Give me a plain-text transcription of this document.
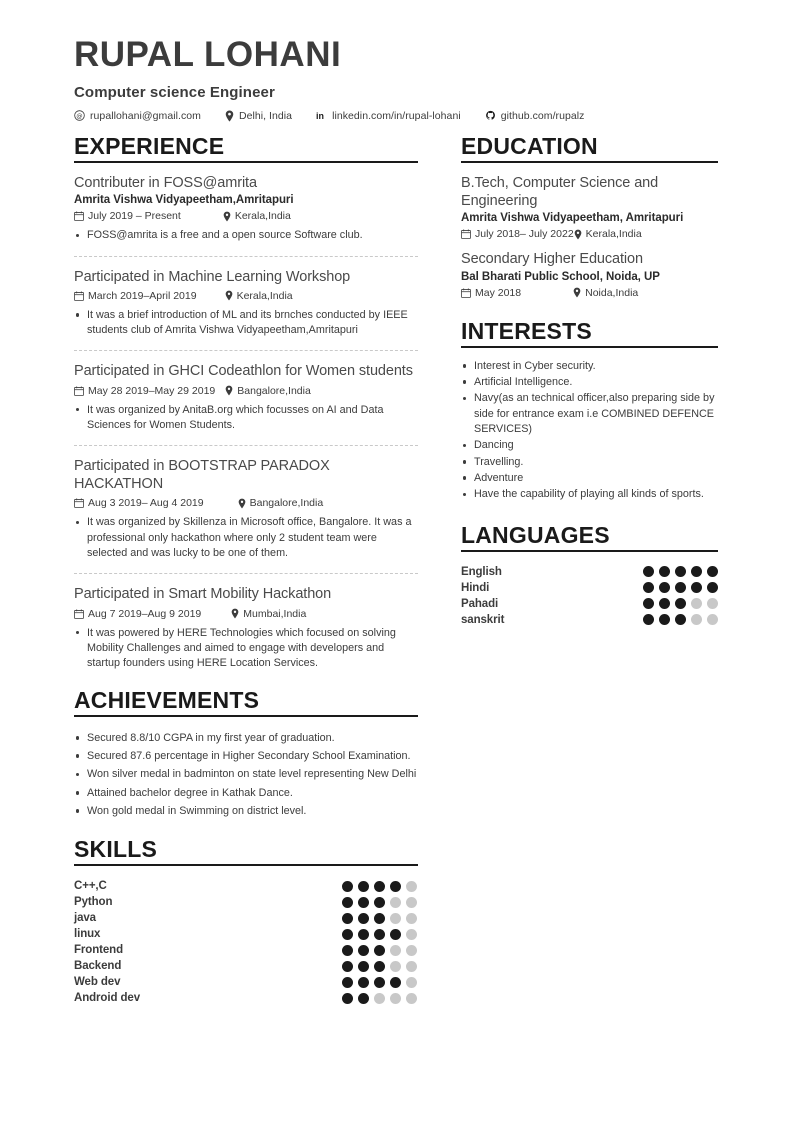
RUPAL LOHANI
Computer science Engineer
@ rupallohani@gmail.com	Delhi, India in linkedin.com/in/rupal-lohani	github.com/rupalz
EXPERIENCE
Contributer in FOSS@amrita
Amrita Vishwa Vidyapeetham,Amritapuri
July 2019 – Present	Kerala,India
FOSS@amrita is a free and a open source Software club.
Participated in Machine Learning Workshop
March 2019–April 2019	Kerala,India
It was a brief introduction of ML and its brnches conducted by IEEE students club of Amrita Vishwa Vidyapeetham,Amritapuri
Participated in GHCI Codeathlon for Women students
May 28 2019–May 29 2019 Bangalore,India
It was organized by AnitaB.org which focusses on AI and Data Sciences for Women Students.
Participated in BOOTSTRAP PARADOX HACKATHON
Aug 3 2019– Aug 4 2019	Bangalore,India
It was organized by Skillenza in Microsoft office, Bangalore. It was a professional only hackathon where only 2 student team were selected and was lucky to be one of them.
Participated in Smart Mobility Hackathon
Aug 7 2019–Aug 9 2019	Mumbai,India
It was powered by HERE Technologies which focused on solving Mobility Challenges and aimed to engage with developers and startup founders using HERE Location Services.
ACHIEVEMENTS
Secured 8.8/10 CGPA in my first year of graduation.
Secured 87.6 percentage in Higher Secondary School Examination.
Won silver medal in badminton on state level representing New Delhi
Attained bachelor degree in Kathak Dance.
Won gold medal in Swimming on district level.
SKILLS
C++,C
Python
java
linux
Frontend
Backend
Web dev
Android dev
EDUCATION
B.Tech, Computer Science and Engineering
Amrita Vishwa Vidyapeetham, Amritapuri
July 2018– July 2022 Kerala,India
Secondary Higher Education
Bal Bharati Public School, Noida, UP
May 2018	Noida,India
INTERESTS
Interest in Cyber security.
Artificial Intelligence.
Navy(as an technical officer,also preparing side by side for entrance exam i.e COMBINED DEFENCE SERVICES)
Dancing
Travelling.
Adventure
Have the capability of playing all kinds of sports.
LANGUAGES
English
Hindi
Pahadi
sanskrit
